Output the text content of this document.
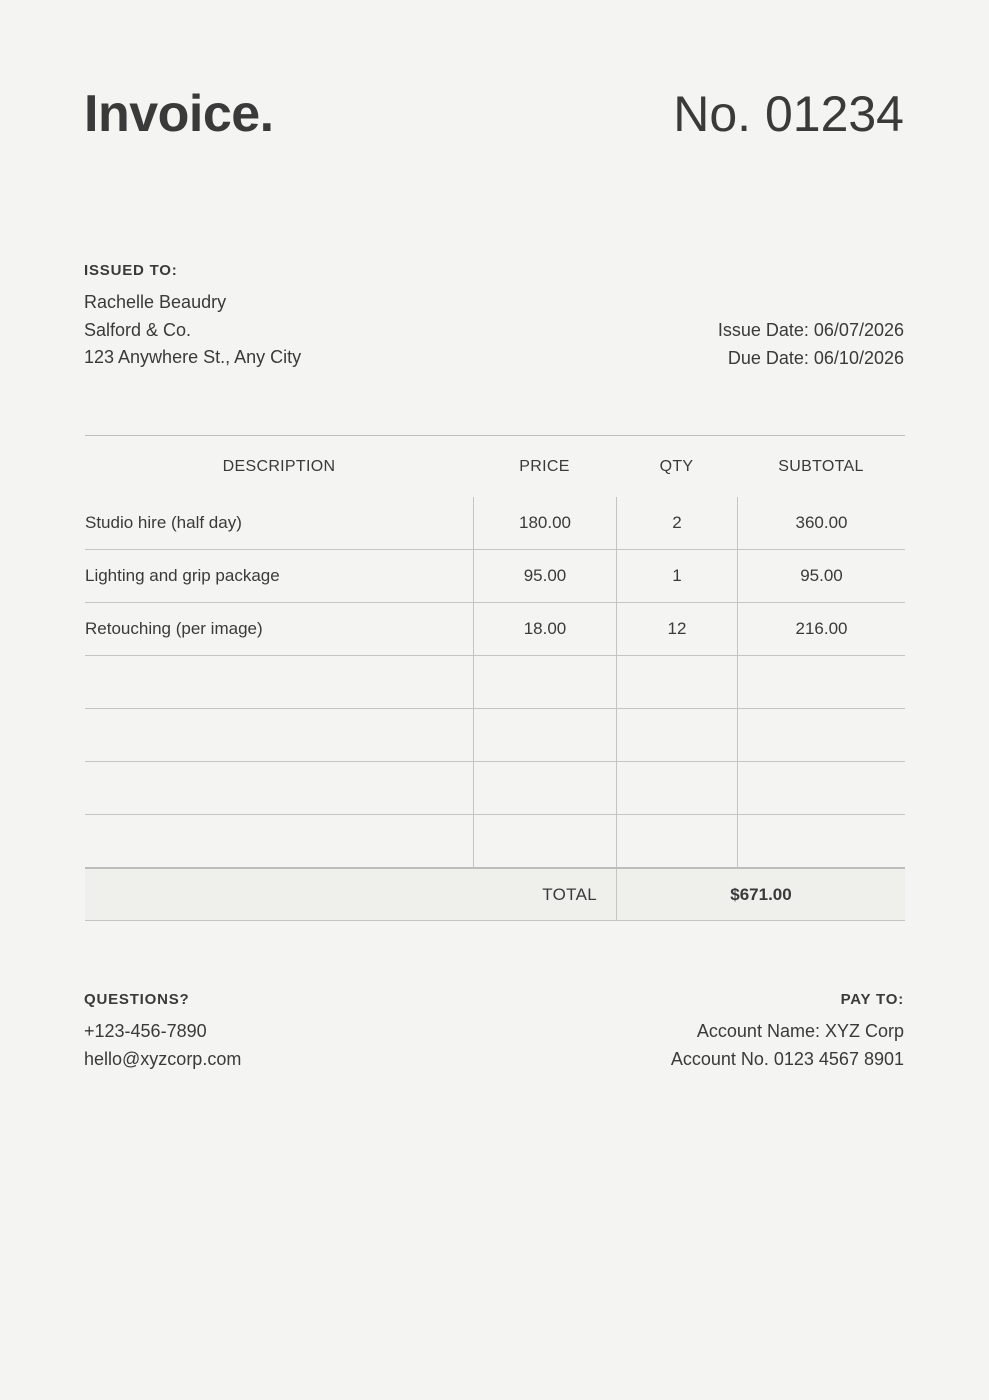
Invoice.	No. 01234
ISSUED TO:
Rachelle Beaudry
Salford & Co.
123 Anywhere St., Any City
Issue Date: 06/07/2026
Due Date: 06/10/2026
DESCRIPTION	PRICE	QTY	SUBTOTAL
Studio hire (half day)	180.00	2	360.00
Lighting and grip package	95.00	1	95.00
Retouching (per image)	18.00	12	216.00
TOTAL	$671.00
QUESTIONS?
+123-456-7890
hello@xyzcorp.com
PAY TO:
Account Name: XYZ Corp
Account No. 0123 4567 8901
